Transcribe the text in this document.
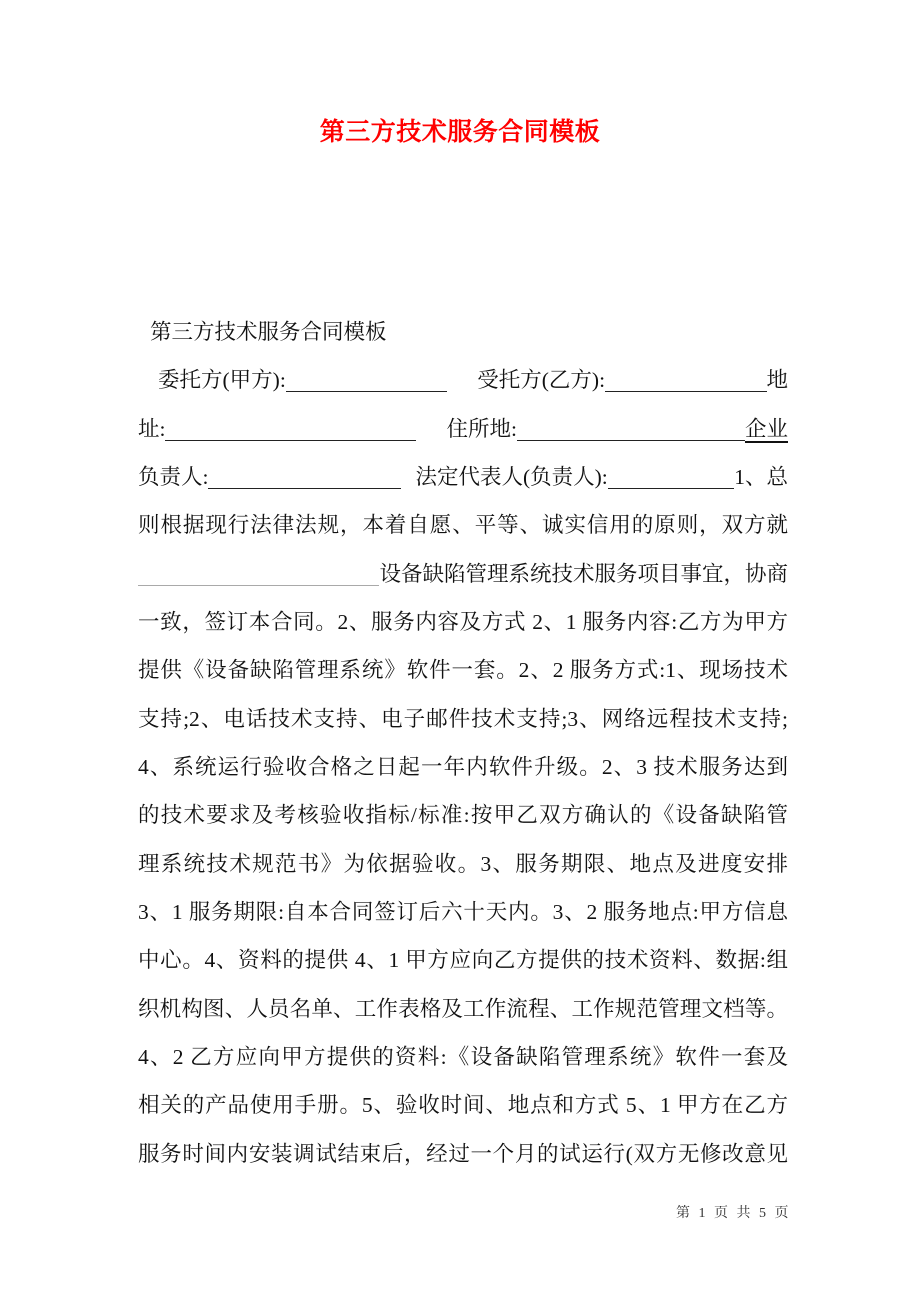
第三方技术服务合同模板
第三方技术服务合同模板
委托方(甲方):	受托方(乙方):	地
址:	住所地:	企业
负责人:	法定代表人(负责人):	1、总
则根据现行法律法规，本着自愿、平等、诚实信用的原则，双方就
设备缺陷管理系统技术服务项目事宜，协商
一致，签订本合同。2、服务内容及方式 2、1 服务内容:乙方为甲方
提供《设备缺陷管理系统》软件一套。2、2 服务方式:1、现场技术
支持;2、电话技术支持、电子邮件技术支持;3、网络远程技术支持;
4、系统运行验收合格之日起一年内软件升级。2、3 技术服务达到
的技术要求及考核验收指标/标准:按甲乙双方确认的《设备缺陷管
理系统技术规范书》为依据验收。3、服务期限、地点及进度安排
3、1 服务期限:自本合同签订后六十天内。3、2 服务地点:甲方信息
中心。4、资料的提供 4、1 甲方应向乙方提供的技术资料、数据:组
织机构图、人员名单、工作表格及工作流程、工作规范管理文档等。
4、2 乙方应向甲方提供的资料:《设备缺陷管理系统》软件一套及
相关的产品使用手册。5、验收时间、地点和方式 5、1 甲方在乙方
服务时间内安装调试结束后，经过一个月的试运行(双方无修改意见
第 1 页 共 5 页
